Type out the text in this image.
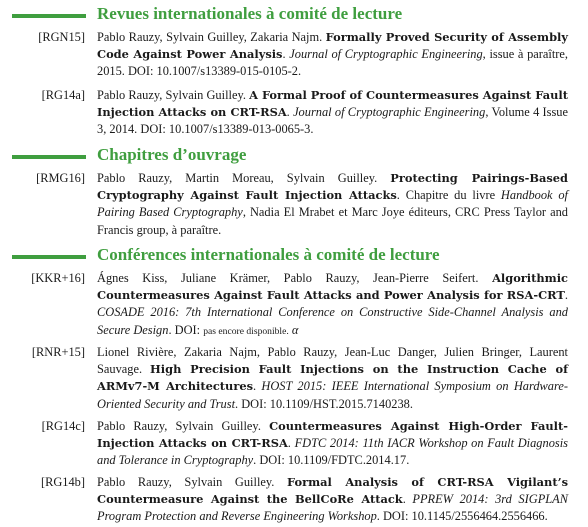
Revues internationales à comité de lecture
[RGN15] Pablo Rauzy, Sylvain Guilley, Zakaria Najm. Formally Proved Security of Assembly Code Against Power Analysis. Journal of Cryptographic Engineering, issue à paraître, 2015. DOI: 10.1007/s13389-015-0105-2.
[RG14a] Pablo Rauzy, Sylvain Guilley. A Formal Proof of Countermeasures Against Fault Injection Attacks on CRT-RSA. Journal of Cryptographic Engineering, Volume 4 Issue 3, 2014. DOI: 10.1007/s13389-013-0065-3.
Chapitres d’ouvrage
[RMG16] Pablo Rauzy, Martin Moreau, Sylvain Guilley. Protecting Pairings-Based Cryptography Against Fault Injection Attacks. Chapitre du livre Handbook of Pairing Based Cryptography, Nadia El Mrabet et Marc Joye éditeurs, CRC Press Taylor and Francis group, à paraître.
Conférences internationales à comité de lecture
[KKR+16] Ágnes Kiss, Juliane Krämer, Pablo Rauzy, Jean-Pierre Seifert. Algorithmic Countermeasures Against Fault Attacks and Power Analysis for RSA-CRT. COSADE 2016: 7th International Conference on Constructive Side-Channel Analysis and Secure Design. DOI: pas encore disponible. α
[RNR+15] Lionel Rivière, Zakaria Najm, Pablo Rauzy, Jean-Luc Danger, Julien Bringer, Laurent Sauvage. High Precision Fault Injections on the Instruction Cache of ARMv7-M Architectures. HOST 2015: IEEE International Symposium on Hardware-Oriented Security and Trust. DOI: 10.1109/HST.2015.7140238.
[RG14c] Pablo Rauzy, Sylvain Guilley. Countermeasures Against High-Order Fault-Injection Attacks on CRT-RSA. FDTC 2014: 11th IACR Workshop on Fault Diagnosis and Tolerance in Cryptography. DOI: 10.1109/FDTC.2014.17.
[RG14b] Pablo Rauzy, Sylvain Guilley. Formal Analysis of CRT-RSA Vigilant’s Countermeasure Against the BellCoRe Attack. PPREW 2014: 3rd SIGPLAN Program Protection and Reverse Engineering Workshop. DOI: 10.1145/2556464.2556466.
